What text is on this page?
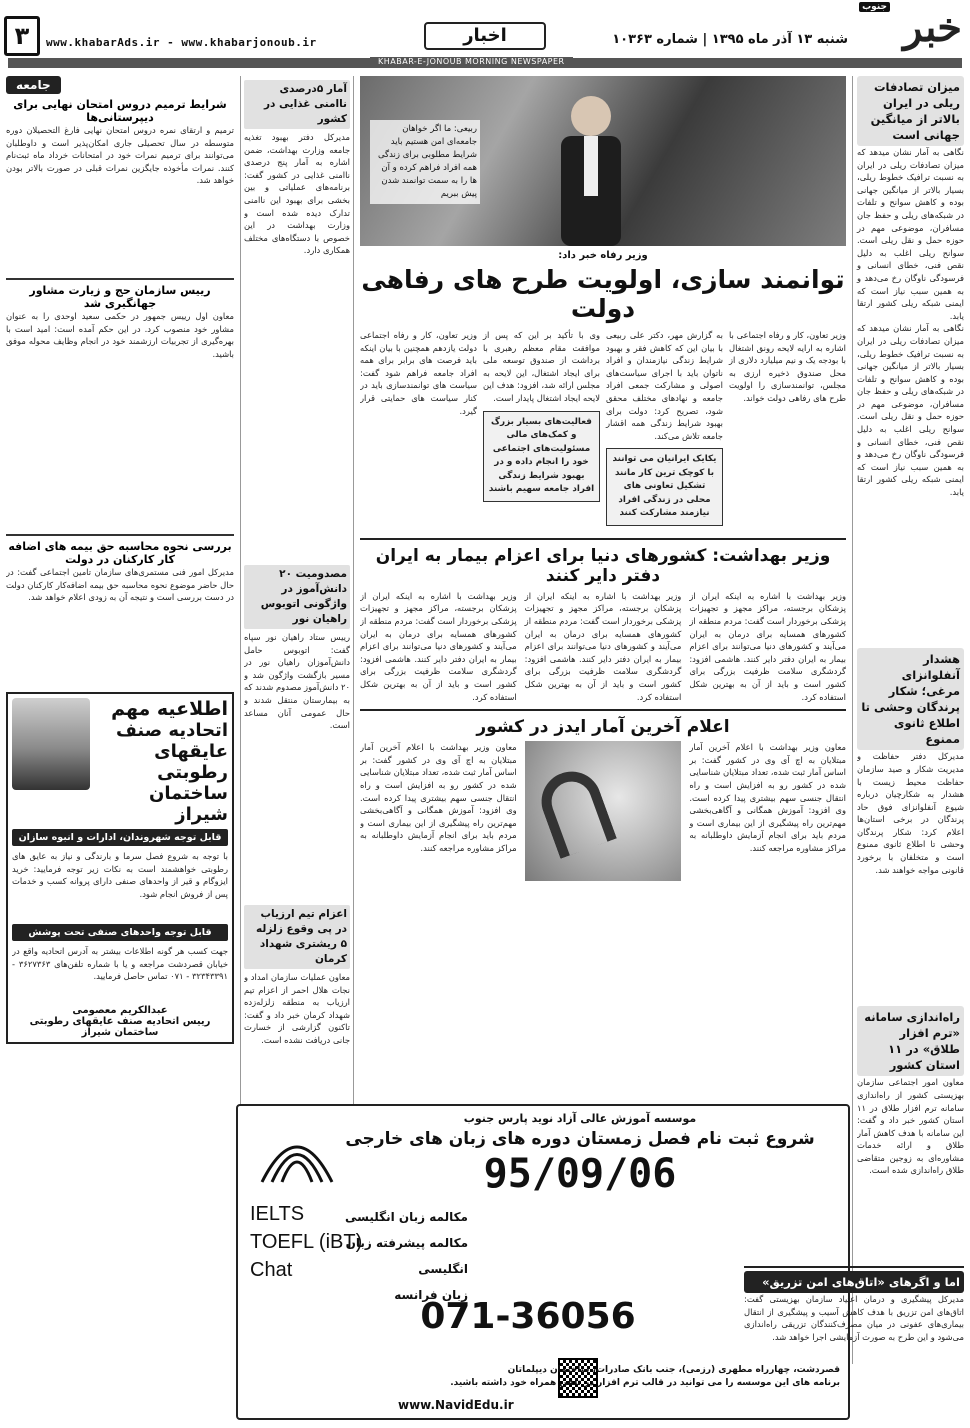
خبر
جنوب
شنبه ۱۳ آذر ماه ۱۳۹۵ | شماره ۱۰۳۶۳
اخبار
www.khabarAds.ir - www.khabarjonoub.ir
۳
KHABAR-E-JONOUB MORNING NEWSPAPER
میزان تصادفات ریلی در ایران بالاتر از میانگین جهانی است
نگاهی به آمار نشان میدهد که میزان تصادفات ریلی در ایران به نسبت ترافیک خطوط ریلی، بسیار بالاتر از میانگین جهانی بوده و کاهش سوانح و تلفات در شبکه‌های ریلی و حفظ جان مسافران، موضوعی مهم در حوزه حمل و نقل ریلی است. سوانح ریلی اغلب به دلیل نقص فنی، خطای انسانی و فرسودگی ناوگان رخ می‌دهد و به همین سبب نیاز است که ایمنی شبکه ریلی کشور ارتقا یابد.
نگاهی به آمار نشان میدهد که میزان تصادفات ریلی در ایران به نسبت ترافیک خطوط ریلی، بسیار بالاتر از میانگین جهانی بوده و کاهش سوانح و تلفات در شبکه‌های ریلی و حفظ جان مسافران، موضوعی مهم در حوزه حمل و نقل ریلی است. سوانح ریلی اغلب به دلیل نقص فنی، خطای انسانی و فرسودگی ناوگان رخ می‌دهد و به همین سبب نیاز است که ایمنی شبکه ریلی کشور ارتقا یابد.
هشدار آنفلوانزای مرغی؛ شکار پرندگان وحشی تا اطلاع ثانوی ممنوع
مدیرکل دفتر حفاظت و مدیریت شکار و صید سازمان حفاظت محیط زیست با هشدار به شکارچیان درباره شیوع آنفلوانزای فوق حاد پرندگان در برخی استان‌ها اعلام کرد: شکار پرندگان وحشی تا اطلاع ثانوی ممنوع است و متخلفان با برخورد قانونی مواجه خواهند شد.
راه‌اندازی سامانه «ترم افزار طلاق» در ۱۱ استان کشور
معاون امور اجتماعی سازمان بهزیستی کشور از راه‌اندازی سامانه ترم افزار طلاق در ۱۱ استان کشور خبر داد و گفت: این سامانه با هدف کاهش آمار طلاق و ارائه خدمات مشاوره‌ای به زوجین متقاضی طلاق راه‌اندازی شده است.
ربیعی: ما اگر خواهان جامعه‌ای امن هستیم باید شرایط مطلوبی برای زندگی همه افراد فراهم کرده و آن ها را به سمت توانمند شدن پیش ببریم
وزیر رفاه خبر داد:
توانمند سازی، اولویت طرح های رفاهی دولت
وزیر تعاون، کار و رفاه اجتماعی با اشاره به ارایه لایحه رونق اشتغال با بودجه یک و نیم میلیارد دلاری از محل صندوق ذخیره ارزی به مجلس، توانمندسازی را اولویت طرح های رفاهی دولت خواند.
به گزارش مهر، دکتر علی ربیعی با بیان این که کاهش فقر و بهبود شرایط زندگی نیازمندان و افراد ناتوان باید با اجرای سیاست‌های اصولی و مشارکت جمعی افراد جامعه و نهادهای مختلف محقق شود، تصریح کرد: دولت برای بهبود شرایط زندگی همه اقشار جامعه تلاش می‌کند.
یکایک ایرانیان می توانند با کوچک ترین کار مانند تشکیل تعاونی های محلی در زندگی افراد نیازمند مشارکت کنند
وی با تأکید بر این که پس از موافقت مقام معظم رهبری با برداشت از صندوق توسعه ملی برای ایجاد اشتغال، این لایحه به مجلس ارائه شد، افزود: هدف این لایحه ایجاد اشتغال پایدار است.
فعالیت‌های بسیار بزرگ و کمک‌های مالی مسئولیت‌های اجتماعی خود را انجام داده و در بهبود شرایط زندگی افراد جامعه سهیم باشند
وزیر تعاون، کار و رفاه اجتماعی دولت یازدهم همچنین با بیان اینکه باید فرصت های برابر برای همه افراد جامعه فراهم شود گفت: سیاست های توانمندسازی باید در کنار سیاست های حمایتی قرار گیرد.
وزیر بهداشت: کشورهای دنیا برای اعزام بیمار به ایران دفتر دایر کنند
وزیر بهداشت با اشاره به اینکه ایران از پزشکان برجسته، مراکز مجهز و تجهیزات پزشکی برخوردار است گفت: مردم منطقه از کشورهای همسایه برای درمان به ایران می‌آیند و کشورهای دنیا می‌توانند برای اعزام بیمار به ایران دفتر دایر کنند. هاشمی افزود: گردشگری سلامت ظرفیت بزرگی برای کشور است و باید از آن به بهترین شکل استفاده کرد.
وزیر بهداشت با اشاره به اینکه ایران از پزشکان برجسته، مراکز مجهز و تجهیزات پزشکی برخوردار است گفت: مردم منطقه از کشورهای همسایه برای درمان به ایران می‌آیند و کشورهای دنیا می‌توانند برای اعزام بیمار به ایران دفتر دایر کنند. هاشمی افزود: گردشگری سلامت ظرفیت بزرگی برای کشور است و باید از آن به بهترین شکل استفاده کرد.
وزیر بهداشت با اشاره به اینکه ایران از پزشکان برجسته، مراکز مجهز و تجهیزات پزشکی برخوردار است گفت: مردم منطقه از کشورهای همسایه برای درمان به ایران می‌آیند و کشورهای دنیا می‌توانند برای اعزام بیمار به ایران دفتر دایر کنند. هاشمی افزود: گردشگری سلامت ظرفیت بزرگی برای کشور است و باید از آن به بهترین شکل استفاده کرد.
اعلام آخرین آمار ایدز در کشور
معاون وزیر بهداشت با اعلام آخرین آمار مبتلایان به اچ آی وی در کشور گفت: بر اساس آمار ثبت شده، تعداد مبتلایان شناسایی شده در کشور رو به افزایش است و راه انتقال جنسی سهم بیشتری پیدا کرده است. وی افزود: آموزش همگانی و آگاهی‌بخشی مهم‌ترین راه پیشگیری از این بیماری است و مردم باید برای انجام آزمایش داوطلبانه به مراکز مشاوره مراجعه کنند.
معاون وزیر بهداشت با اعلام آخرین آمار مبتلایان به اچ آی وی در کشور گفت: بر اساس آمار ثبت شده، تعداد مبتلایان شناسایی شده در کشور رو به افزایش است و راه انتقال جنسی سهم بیشتری پیدا کرده است. وی افزود: آموزش همگانی و آگاهی‌بخشی مهم‌ترین راه پیشگیری از این بیماری است و مردم باید برای انجام آزمایش داوطلبانه به مراکز مشاوره مراجعه کنند.
آمار ۵درصدی ناامنی غذایی در کشور
مدیرکل دفتر بهبود تغذیه جامعه وزارت بهداشت، ضمن اشاره به آمار پنج درصدی ناامنی غذایی در کشور گفت: برنامه‌های عملیاتی و بین بخشی برای بهبود این ناامنی تدارک دیده شده است و وزارت بهداشت در این خصوص با دستگاه‌های مختلف همکاری دارد.
مصدومیت ۲۰ دانش‌آموز در واژگونی اتوبوس راهیان نور
رییس ستاد راهیان نور سپاه گفت: اتوبوس حامل دانش‌آموزان راهیان نور در مسیر بازگشت واژگون شد و ۲۰ دانش‌آموز مصدوم شدند که به بیمارستان منتقل شدند و حال عمومی آنان مساعد است.
اعزام تیم ارزیاب در پی وقوع زلزله ۵ ریشتری شهداد کرمان
معاون عملیات سازمان امداد و نجات هلال احمر از اعزام تیم ارزیاب به منطقه زلزله‌زده شهداد کرمان خبر داد و گفت: تاکنون گزارشی از خسارت جانی دریافت نشده است.
جامعه
شرایط ترمیم دروس امتحان نهایی برای دیپرستانی‌ها
ترمیم و ارتقای نمره دروس امتحان نهایی فارغ التحصیلان دوره متوسطه در سال تحصیلی جاری امکان‌پذیر است و داوطلبان می‌توانند برای ترمیم نمرات خود در امتحانات خرداد ماه ثبت‌نام کنند. نمرات مأخوذه جایگزین نمرات قبلی در صورت بالاتر بودن خواهد شد.
رییس سازمان حج و زیارت مشاور جهانگیری شد
معاون اول رییس جمهور در حکمی سعید اوحدی را به عنوان مشاور خود منصوب کرد. در این حکم آمده است: امید است با بهره‌گیری از تجربیات ارزشمند خود در انجام وظایف محوله موفق باشید.
بررسی نحوه محاسبه حق بیمه های اضافه کار کارکنان در دولت
مدیرکل امور فنی مستمری‌های سازمان تامین اجتماعی گفت: در حال حاضر موضوع نحوه محاسبه حق بیمه اضافه‌کار کارکنان دولت در دست بررسی است و نتیجه آن به زودی اعلام خواهد شد.
اطلاعیه مهم
اتحادیه صنف عایقهای رطوبتی ساختمان شیراز
قابل توجه شهروندان، ادارات و انبوه سازان
با توجه به شروع فصل سرما و بارندگی و نیاز به عایق های رطوبتی خواهشمند است به نکات زیر توجه فرمایید: خرید ایزوگام و قیر از واحدهای صنفی دارای پروانه کسب و خدمات پس از فروش انجام شود.
قابل توجه واحدهای صنفی تحت پوشش
جهت کسب هر گونه اطلاعات بیشتر به آدرس اتحادیه واقع در خیابان قصردشت مراجعه و یا با شماره تلفن‌های ۳۶۲۷۳۶۳ - ۳۲۳۴۳۳۹۱ - ۰۷۱ تماس حاصل فرمایید.
عبدالکریم معصومی
رییس اتحادیه صنف عایقهای رطوبتی ساختمان شیراز
موسسه آموزش عالی آزاد نوید پارس جنوب
شروع ثبت نام فصل زمستان دوره های زبان های خارجی
95/09/06
مکالمه زبان انگلیسی
مکالمه پیشرفته زبان انگلیسی
زبان فرانسه
IELTS
TOEFL (iBT)
Chat
071-36056
قصردشت، چهارراه مطهری (رزمی)، جنب بانک صادرات، ساختمان دیپلماتان
برنامه های این موسسه را می توانید در قالب ترم افزار در تلفن همراه خود داشته باشید.
www.NavidEdu.ir
اما و اگرهای «اتاق‌های امن تزریق»
مدیرکل پیشگیری و درمان اعتیاد سازمان بهزیستی گفت: اتاق‌های امن تزریق با هدف کاهش آسیب و پیشگیری از انتقال بیماری‌های عفونی در میان مصرف‌کنندگان تزریقی راه‌اندازی می‌شود و این طرح به صورت آزمایشی اجرا خواهد شد.
